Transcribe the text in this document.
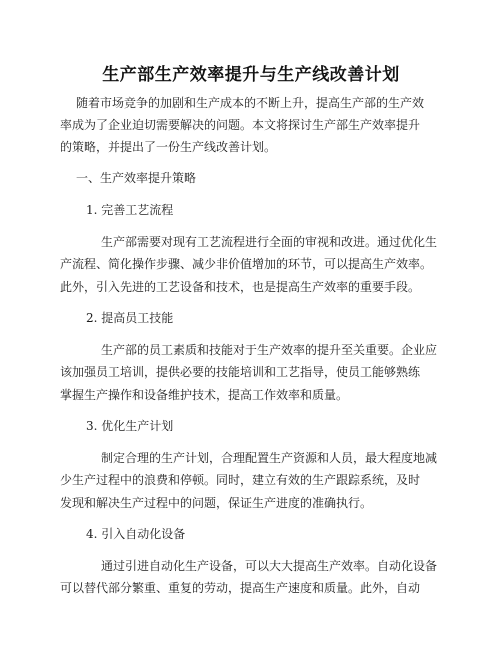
生产部生产效率提升与生产线改善计划
随着市场竞争的加剧和生产成本的不断上升，提高生产部的生产效
率成为了企业迫切需要解决的问题。本文将探讨生产部生产效率提升
的策略，并提出了一份生产线改善计划。
一、生产效率提升策略
1. 完善工艺流程
生产部需要对现有工艺流程进行全面的审视和改进。通过优化生
产流程、简化操作步骤、减少非价值增加的环节，可以提高生产效率。
此外，引入先进的工艺设备和技术，也是提高生产效率的重要手段。
2. 提高员工技能
生产部的员工素质和技能对于生产效率的提升至关重要。企业应
该加强员工培训，提供必要的技能培训和工艺指导，使员工能够熟练
掌握生产操作和设备维护技术，提高工作效率和质量。
3. 优化生产计划
制定合理的生产计划，合理配置生产资源和人员，最大程度地减
少生产过程中的浪费和停顿。同时，建立有效的生产跟踪系统，及时
发现和解决生产过程中的问题，保证生产进度的准确执行。
4. 引入自动化设备
通过引进自动化生产设备，可以大大提高生产效率。自动化设备
可以替代部分繁重、重复的劳动，提高生产速度和质量。此外，自动
